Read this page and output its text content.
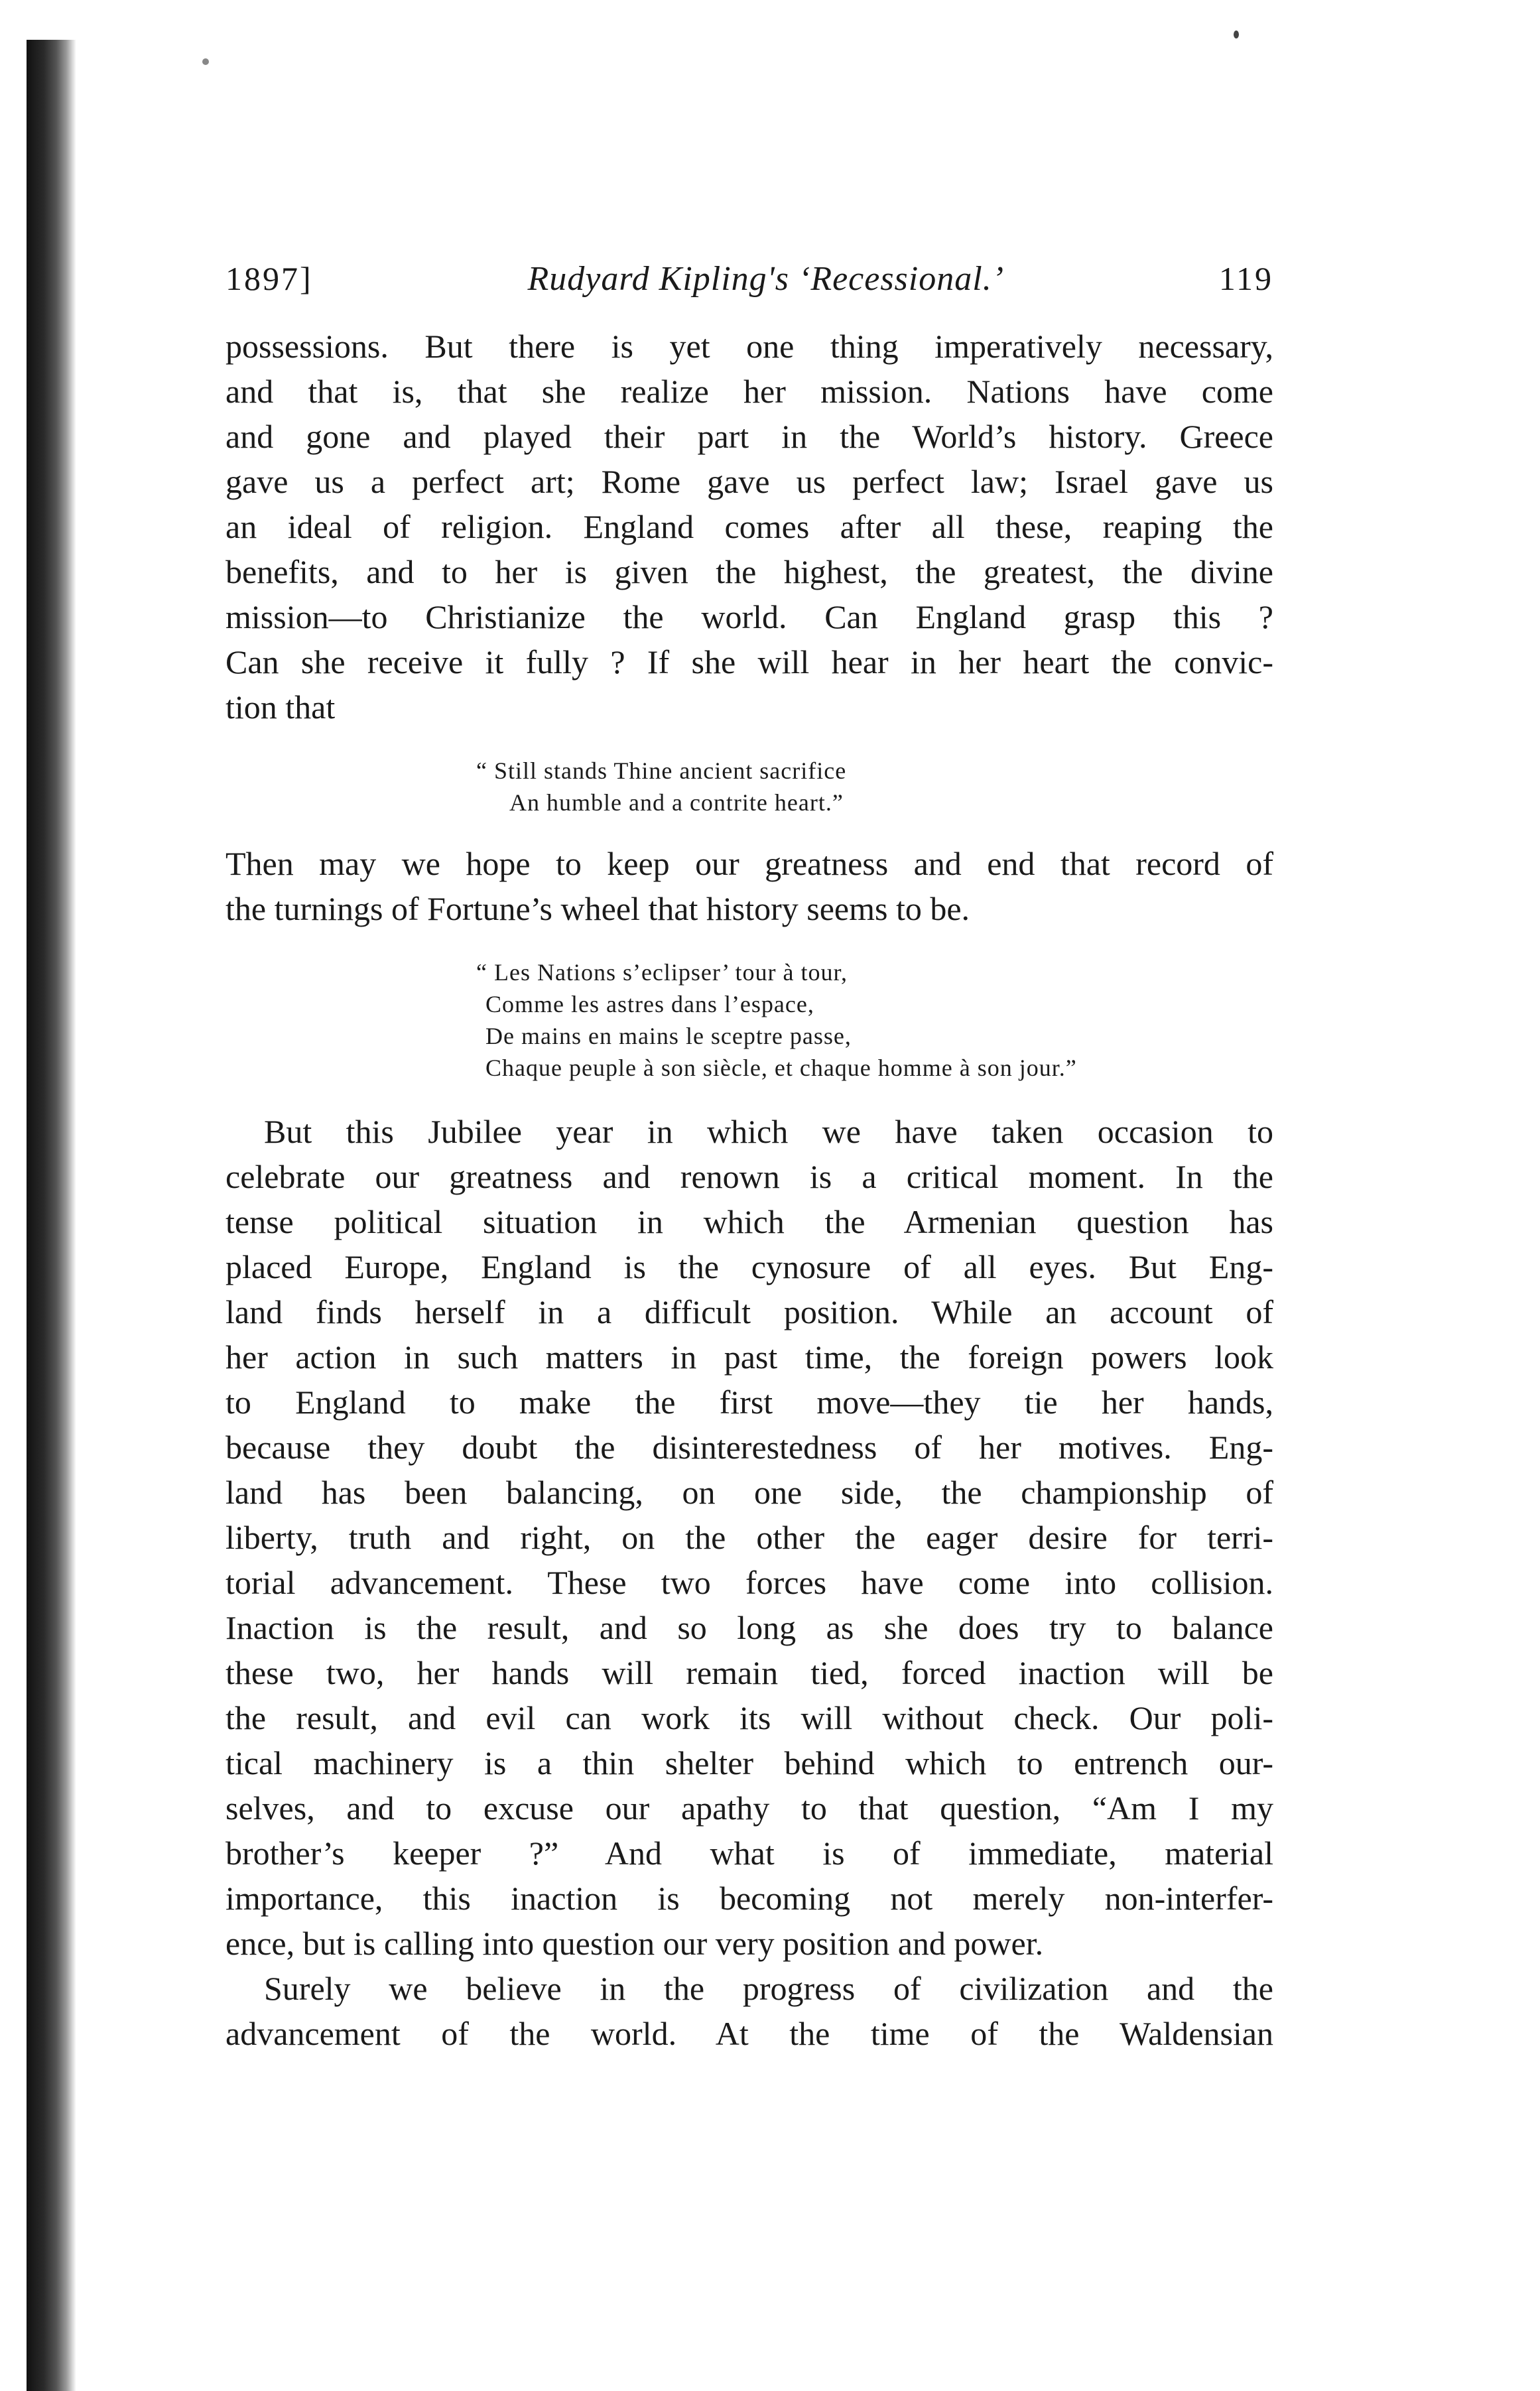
1897]	Rudyard Kipling's ‘Recessional.’	119

possessions. But there is yet one thing imperatively necessary,
and that is, that she realize her mission. Nations have come
and gone and played their part in the World’s history. Greece
gave us a perfect art; Rome gave us perfect law; Israel gave us
an ideal of religion. England comes after all these, reaping the
benefits, and to her is given the highest, the greatest, the divine
mission—to Christianize the world. Can England grasp this ?
Can she receive it fully ? If she will hear in her heart the convic-
tion that

“ Still stands Thine ancient sacrifice
An humble and a contrite heart.”

Then may we hope to keep our greatness and end that record of
the turnings of Fortune’s wheel that history seems to be.

“ Les Nations s’eclipser’ tour à tour,
Comme les astres dans l’espace,
De mains en mains le sceptre passe,
Chaque peuple à son siècle, et chaque homme à son jour.”

But this Jubilee year in which we have taken occasion to
celebrate our greatness and renown is a critical moment. In the
tense political situation in which the Armenian question has
placed Europe, England is the cynosure of all eyes. But Eng-
land finds herself in a difficult position. While an account of
her action in such matters in past time, the foreign powers look
to England to make the first move—they tie her hands,
because they doubt the disinterestedness of her motives. Eng-
land has been balancing, on one side, the championship of
liberty, truth and right, on the other the eager desire for terri-
torial advancement. These two forces have come into collision.
Inaction is the result, and so long as she does try to balance
these two, her hands will remain tied, forced inaction will be
the result, and evil can work its will without check. Our poli-
tical machinery is a thin shelter behind which to entrench our-
selves, and to excuse our apathy to that question, “Am I my
brother’s keeper ?” And what is of immediate, material
importance, this inaction is becoming not merely non-interfer-
ence, but is calling into question our very position and power.

Surely we believe in the progress of civilization and the
advancement of the world. At the time of the Waldensian
